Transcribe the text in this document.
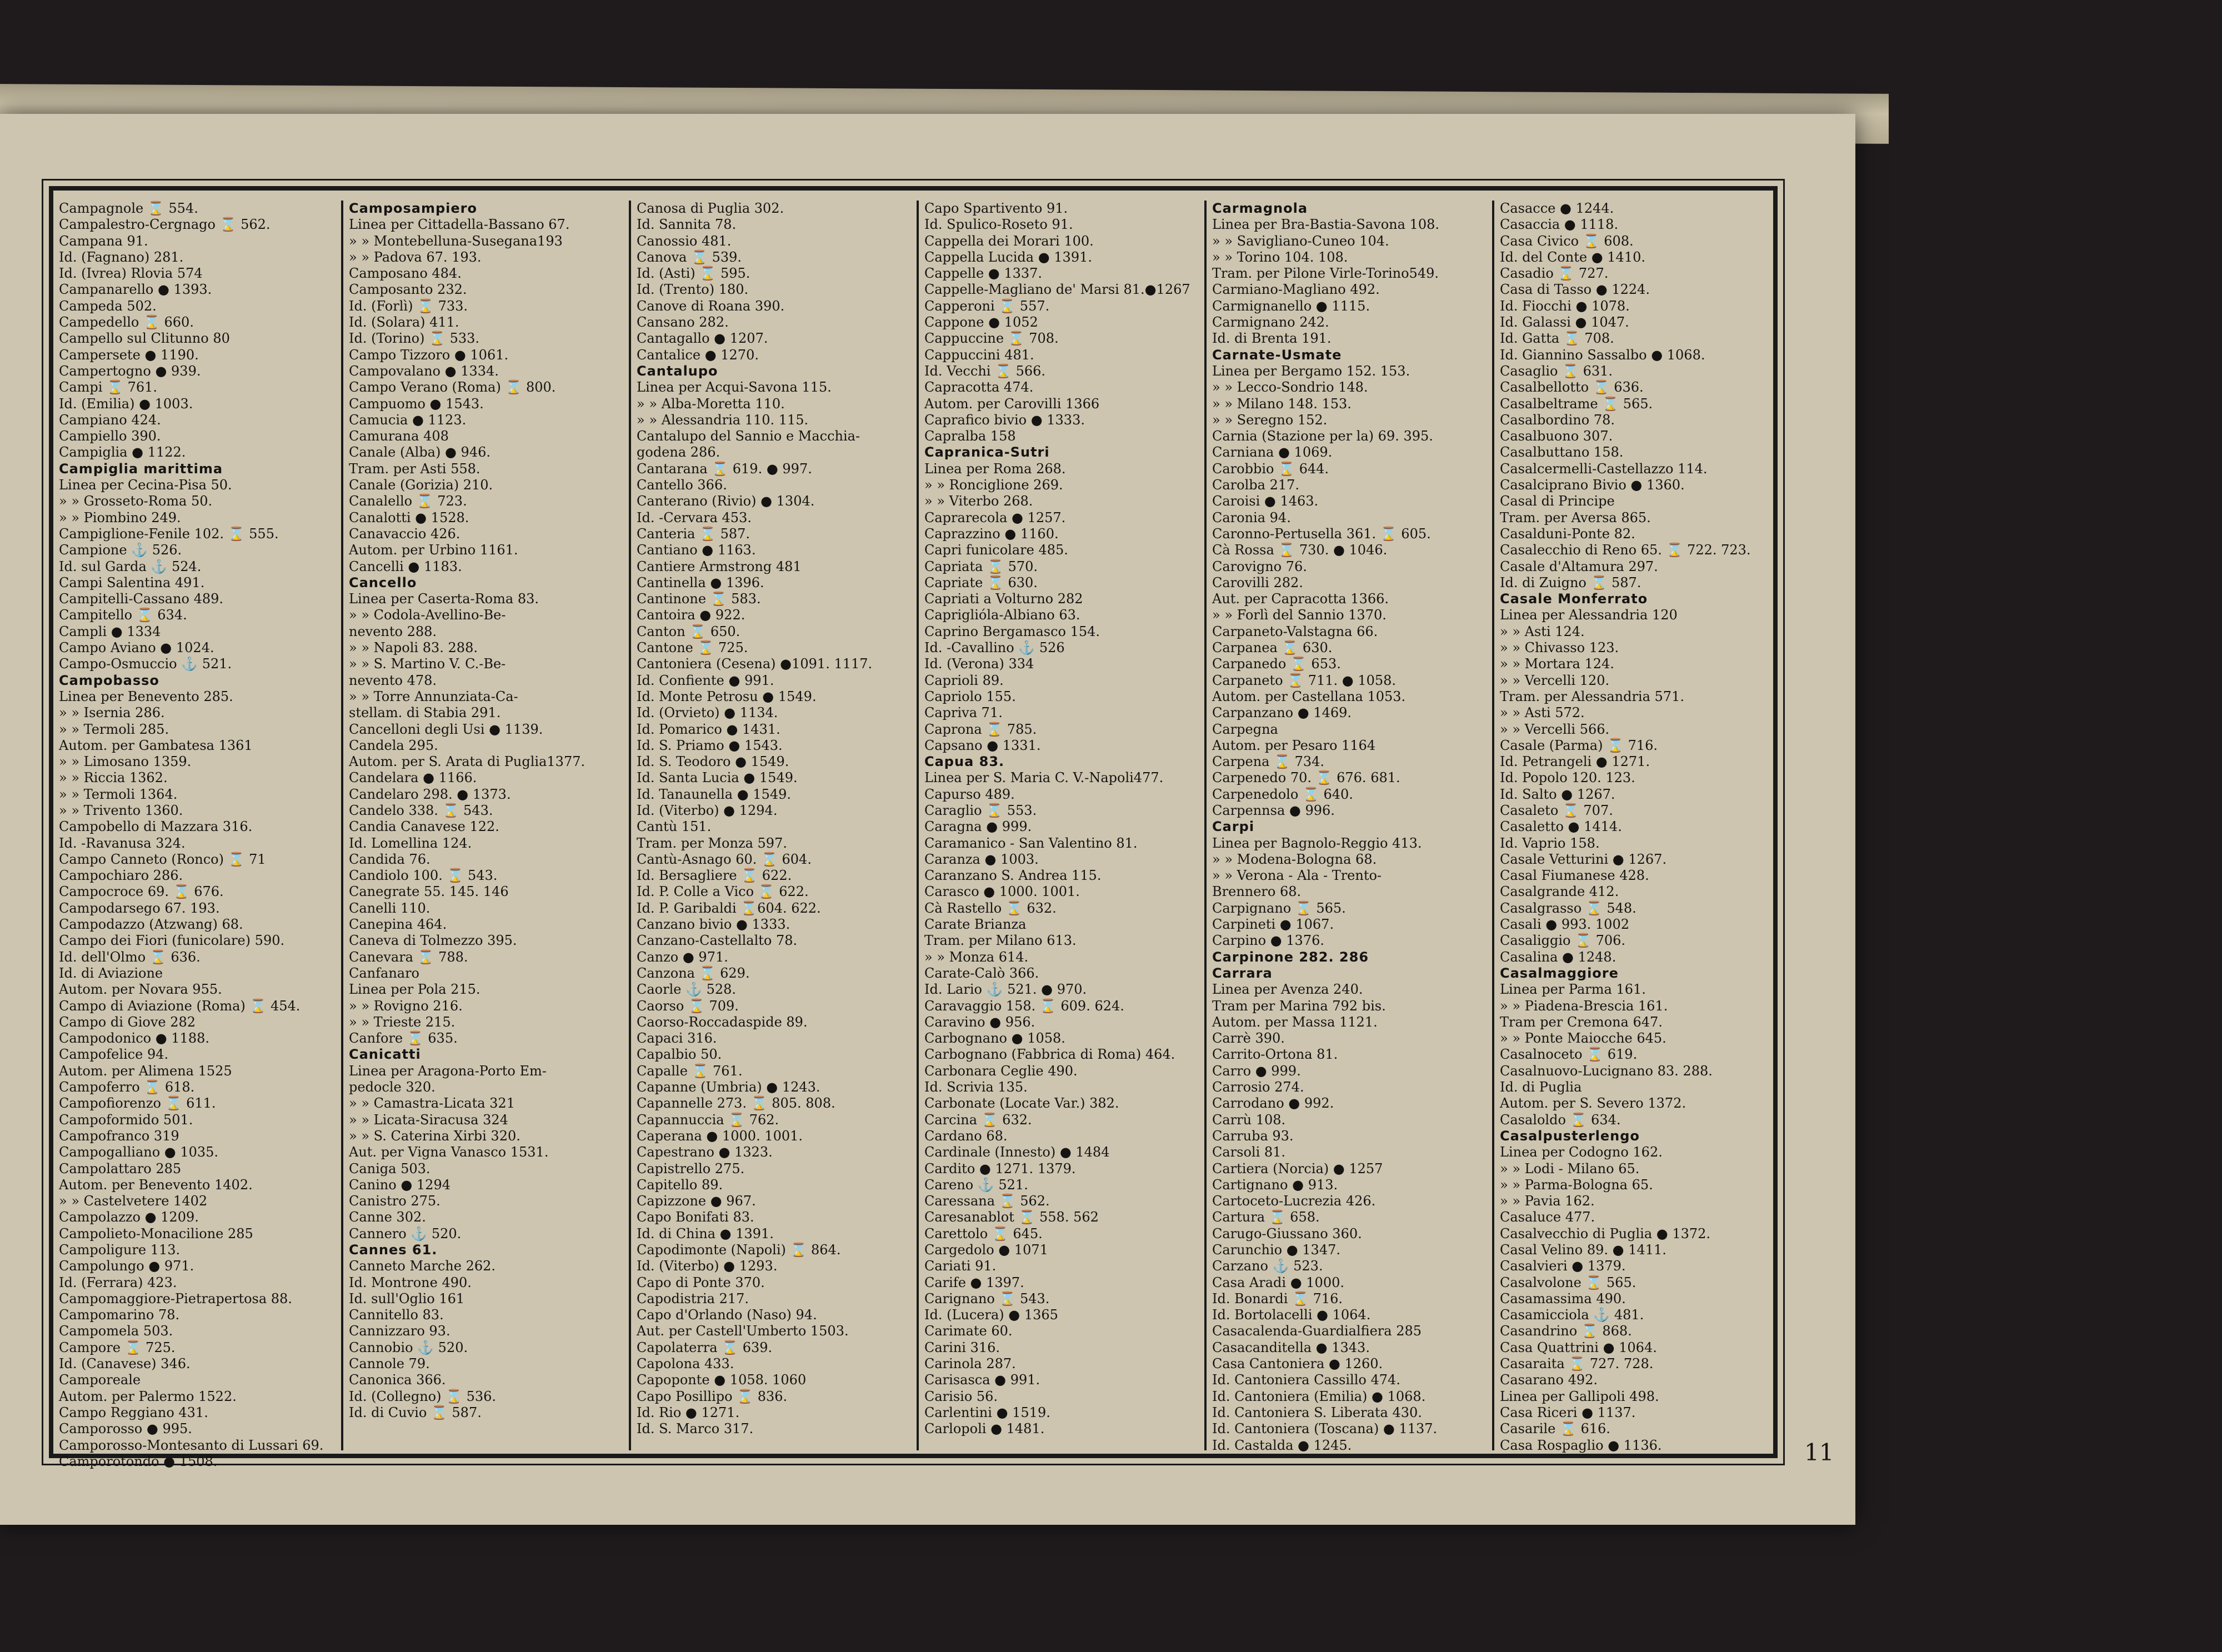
Campagnole ⌛ 554.
Campalestro-Cergnago ⌛ 562.
Campana 91.
Id. (Fagnano) 281.
Id. (Ivrea) Rlovia 574
Campanarello ● 1393.
Campeda 502.
Campedello ⌛ 660.
Campello sul Clitunno 80
Campersete ● 1190.
Campertogno ● 939.
Campi ⌛ 761.
Id. (Emilia) ● 1003.
Campiano 424.
Campiello 390.
Campiglia ● 1122.
Campiglia marittima
Linea per Cecina-Pisa 50.
» » Grosseto-Roma 50.
» » Piombino 249.
Campiglione-Fenile 102. ⌛ 555.
Campione ⚓ 526.
Id. sul Garda ⚓ 524.
Campi Salentina 491.
Campitelli-Cassano 489.
Campitello ⌛ 634.
Campli ● 1334
Campo Aviano ● 1024.
Campo-Osmuccio ⚓ 521.
Campobasso
Linea per Benevento 285.
» » Isernia 286.
» » Termoli 285.
Autom. per Gambatesa 1361
» » Limosano 1359.
» » Riccia 1362.
» » Termoli 1364.
» » Trivento 1360.
Campobello di Mazzara 316.
Id. -Ravanusa 324.
Campo Canneto (Ronco) ⌛ 71
Campochiaro 286.
Campocroce 69. ⌛ 676.
Campodarsego 67. 193.
Campodazzo (Atzwang) 68.
Campo dei Fiori (funicolare) 590.
Id. dell'Olmo ⌛ 636.
Id. di Aviazione
Autom. per Novara 955.
Campo di Aviazione (Roma) ⌛ 454.
Campo di Giove 282
Campodonico ● 1188.
Campofelice 94.
Autom. per Alimena 1525
Campoferro ⌛ 618.
Campofiorenzo ⌛ 611.
Campoformido 501.
Campofranco 319
Campogalliano ● 1035.
Campolattaro 285
Autom. per Benevento 1402.
» » Castelvetere 1402
Campolazzo ● 1209.
Campolieto-Monacilione 285
Campoligure 113.
Campolungo ● 971.
Id. (Ferrara) 423.
Campomaggiore-Pietrapertosa 88.
Campomarino 78.
Campomela 503.
Campore ⌛ 725.
Id. (Canavese) 346.
Camporeale
Autom. per Palermo 1522.
Campo Reggiano 431.
Camporosso ● 995.
Camporosso-Montesanto di Lussari 69.
Camporotondo ● 1508.
Camposampiero
Linea per Cittadella-Bassano 67.
» » Montebelluna-Susegana193
» » Padova 67. 193.
Camposano 484.
Camposanto 232.
Id. (Forlì) ⌛ 733.
Id. (Solara) 411.
Id. (Torino) ⌛ 533.
Campo Tizzoro ● 1061.
Campovalano ● 1334.
Campo Verano (Roma) ⌛ 800.
Campuomo ● 1543.
Camucia ● 1123.
Camurana 408
Canale (Alba) ● 946.
Tram. per Asti 558.
Canale (Gorizia) 210.
Canalello ⌛ 723.
Canalotti ● 1528.
Canavaccio 426.
Autom. per Urbino 1161.
Cancelli ● 1183.
Cancello
Linea per Caserta-Roma 83.
» » Codola-Avellino-Be-
nevento 288.
» » Napoli 83. 288.
» » S. Martino V. C.-Be-
nevento 478.
» » Torre Annunziata-Ca-
stellam. di Stabia 291.
Cancelloni degli Usi ● 1139.
Candela 295.
Autom. per S. Arata di Puglia1377.
Candelara ● 1166.
Candelaro 298. ● 1373.
Candelo 338. ⌛ 543.
Candia Canavese 122.
Id. Lomellina 124.
Candida 76.
Candiolo 100. ⌛ 543.
Canegrate 55. 145. 146
Canelli 110.
Canepina 464.
Caneva di Tolmezzo 395.
Canevara ⌛ 788.
Canfanaro
Linea per Pola 215.
» » Rovigno 216.
» » Trieste 215.
Canfore ⌛ 635.
Canicatti
Linea per Aragona-Porto Em-
pedocle 320.
» » Camastra-Licata 321
» » Licata-Siracusa 324
» » S. Caterina Xirbi 320.
Aut. per Vigna Vanasco 1531.
Caniga 503.
Canino ● 1294
Canistro 275.
Canne 302.
Cannero ⚓ 520.
Cannes 61.
Canneto Marche 262.
Id. Montrone 490.
Id. sull'Oglio 161
Cannitello 83.
Cannizzaro 93.
Cannobio ⚓ 520.
Cannole 79.
Canonica 366.
Id. (Collegno) ⌛ 536.
Id. di Cuvio ⌛ 587.
Canosa di Puglia 302.
Id. Sannita 78.
Canossio 481.
Canova ⌛ 539.
Id. (Asti) ⌛ 595.
Id. (Trento) 180.
Canove di Roana 390.
Cansano 282.
Cantagallo ● 1207.
Cantalice ● 1270.
Cantalupo
Linea per Acqui-Savona 115.
» » Alba-Moretta 110.
» » Alessandria 110. 115.
Cantalupo del Sannio e Macchia-
godena 286.
Cantarana ⌛ 619. ● 997.
Cantello 366.
Canterano (Rivio) ● 1304.
Id. -Cervara 453.
Canteria ⌛ 587.
Cantiano ● 1163.
Cantiere Armstrong 481
Cantinella ● 1396.
Cantinone ⌛ 583.
Cantoira ● 922.
Canton ⌛ 650.
Cantone ⌛ 725.
Cantoniera (Cesena) ●1091. 1117.
Id. Confiente ● 991.
Id. Monte Petrosu ● 1549.
Id. (Orvieto) ● 1134.
Id. Pomarico ● 1431.
Id. S. Priamo ● 1543.
Id. S. Teodoro ● 1549.
Id. Santa Lucia ● 1549.
Id. Tanaunella ● 1549.
Id. (Viterbo) ● 1294.
Cantù 151.
Tram. per Monza 597.
Cantù-Asnago 60. ⌛ 604.
Id. Bersagliere ⌛ 622.
Id. P. Colle a Vico ⌛ 622.
Id. P. Garibaldi ⌛604. 622.
Canzano bivio ● 1333.
Canzano-Castellalto 78.
Canzo ● 971.
Canzona ⌛ 629.
Caorle ⚓ 528.
Caorso ⌛ 709.
Caorso-Roccadaspide 89.
Capaci 316.
Capalbio 50.
Capalle ⌛ 761.
Capanne (Umbria) ● 1243.
Capannelle 273. ⌛ 805. 808.
Capannuccia ⌛ 762.
Caperana ● 1000. 1001.
Capestrano ● 1323.
Capistrello 275.
Capitello 89.
Capizzone ● 967.
Capo Bonifati 83.
Id. di China ● 1391.
Capodimonte (Napoli) ⌛ 864.
Id. (Viterbo) ● 1293.
Capo di Ponte 370.
Capodistria 217.
Capo d'Orlando (Naso) 94.
Aut. per Castell'Umberto 1503.
Capolaterra ⌛ 639.
Capolona 433.
Capoponte ● 1058. 1060
Capo Posillipo ⌛ 836.
Id. Rio ● 1271.
Id. S. Marco 317.
Capo Spartivento 91.
Id. Spulico-Roseto 91.
Cappella dei Morari 100.
Cappella Lucida ● 1391.
Cappelle ● 1337.
Cappelle-Magliano de' Marsi 81.●1267
Capperoni ⌛ 557.
Cappone ● 1052
Cappuccine ⌛ 708.
Cappuccini 481.
Id. Vecchi ⌛ 566.
Capracotta 474.
Autom. per Carovilli 1366
Caprafico bivio ● 1333.
Capralba 158
Capranica-Sutri
Linea per Roma 268.
» » Ronciglione 269.
» » Viterbo 268.
Caprarecola ● 1257.
Caprazzino ● 1160.
Capri funicolare 485.
Capriata ⌛ 570.
Capriate ⌛ 630.
Capriati a Volturno 282
Capriglióla-Albiano 63.
Caprino Bergamasco 154.
Id. -Cavallino ⚓ 526
Id. (Verona) 334
Caprioli 89.
Capriolo 155.
Capriva 71.
Caprona ⌛ 785.
Capsano ● 1331.
Capua 83.
Linea per S. Maria C. V.-Napoli477.
Capurso 489.
Caraglio ⌛ 553.
Caragna ● 999.
Caramanico - San Valentino 81.
Caranza ● 1003.
Caranzano S. Andrea 115.
Carasco ● 1000. 1001.
Cà Rastello ⌛ 632.
Carate Brianza
Tram. per Milano 613.
» » Monza 614.
Carate-Calò 366.
Id. Lario ⚓ 521. ● 970.
Caravaggio 158. ⌛ 609. 624.
Caravino ● 956.
Carbognano ● 1058.
Carbognano (Fabbrica di Roma) 464.
Carbonara Ceglie 490.
Id. Scrivia 135.
Carbonate (Locate Var.) 382.
Carcina ⌛ 632.
Cardano 68.
Cardinale (Innesto) ● 1484
Cardito ● 1271. 1379.
Careno ⚓ 521.
Caressana ⌛ 562.
Caresanablot ⌛ 558. 562
Carettolo ⌛ 645.
Cargedolo ● 1071
Cariati 91.
Carife ● 1397.
Carignano ⌛ 543.
Id. (Lucera) ● 1365
Carimate 60.
Carini 316.
Carinola 287.
Carisasca ● 991.
Carisio 56.
Carlentini ● 1519.
Carlopoli ● 1481.
Carmagnola
Linea per Bra-Bastia-Savona 108.
» » Savigliano-Cuneo 104.
» » Torino 104. 108.
Tram. per Pilone Virle-Torino549.
Carmiano-Magliano 492.
Carmignanello ● 1115.
Carmignano 242.
Id. di Brenta 191.
Carnate-Usmate
Linea per Bergamo 152. 153.
» » Lecco-Sondrio 148.
» » Milano 148. 153.
» » Seregno 152.
Carnia (Stazione per la) 69. 395.
Carniana ● 1069.
Carobbio ⌛ 644.
Carolba 217.
Caroisi ● 1463.
Caronia 94.
Caronno-Pertusella 361. ⌛ 605.
Cà Rossa ⌛ 730. ● 1046.
Carovigno 76.
Carovilli 282.
Aut. per Capracotta 1366.
» » Forlì del Sannio 1370.
Carpaneto-Valstagna 66.
Carpanea ⌛ 630.
Carpanedo ⌛ 653.
Carpaneto ⌛ 711. ● 1058.
Autom. per Castellana 1053.
Carpanzano ● 1469.
Carpegna
Autom. per Pesaro 1164
Carpena ⌛ 734.
Carpenedo 70. ⌛ 676. 681.
Carpenedolo ⌛ 640.
Carpennsa ● 996.
Carpi
Linea per Bagnolo-Reggio 413.
» » Modena-Bologna 68.
» » Verona - Ala - Trento-
Brennero 68.
Carpignano ⌛ 565.
Carpineti ● 1067.
Carpino ● 1376.
Carpinone 282. 286
Carrara
Linea per Avenza 240.
Tram per Marina 792 bis.
Autom. per Massa 1121.
Carrè 390.
Carrito-Ortona 81.
Carro ● 999.
Carrosio 274.
Carrodano ● 992.
Carrù 108.
Carruba 93.
Carsoli 81.
Cartiera (Norcia) ● 1257
Cartignano ● 913.
Cartoceto-Lucrezia 426.
Cartura ⌛ 658.
Carugo-Giussano 360.
Carunchio ● 1347.
Carzano ⚓ 523.
Casa Aradi ● 1000.
Id. Bonardi ⌛ 716.
Id. Bortolacelli ● 1064.
Casacalenda-Guardialfiera 285
Casacanditella ● 1343.
Casa Cantoniera ● 1260.
Id. Cantoniera Cassillo 474.
Id. Cantoniera (Emilia) ● 1068.
Id. Cantoniera S. Liberata 430.
Id. Cantoniera (Toscana) ● 1137.
Id. Castalda ● 1245.
Casacce ● 1244.
Casaccia ● 1118.
Casa Civico ⌛ 608.
Id. del Conte ● 1410.
Casadio ⌛ 727.
Casa di Tasso ● 1224.
Id. Fiocchi ● 1078.
Id. Galassi ● 1047.
Id. Gatta ⌛ 708.
Id. Giannino Sassalbo ● 1068.
Casaglio ⌛ 631.
Casalbellotto ⌛ 636.
Casalbeltrame ⌛ 565.
Casalbordino 78.
Casalbuono 307.
Casalbuttano 158.
Casalcermelli-Castellazzo 114.
Casalciprano Bivio ● 1360.
Casal di Principe
Tram. per Aversa 865.
Casalduni-Ponte 82.
Casalecchio di Reno 65. ⌛ 722. 723.
Casale d'Altamura 297.
Id. di Zuigno ⌛ 587.
Casale Monferrato
Linea per Alessandria 120
» » Asti 124.
» » Chivasso 123.
» » Mortara 124.
» » Vercelli 120.
Tram. per Alessandria 571.
» » Asti 572.
» » Vercelli 566.
Casale (Parma) ⌛ 716.
Id. Petrangeli ● 1271.
Id. Popolo 120. 123.
Id. Salto ● 1267.
Casaleto ⌛ 707.
Casaletto ● 1414.
Id. Vaprio 158.
Casale Vetturini ● 1267.
Casal Fiumanese 428.
Casalgrande 412.
Casalgrasso ⌛ 548.
Casali ● 993. 1002
Casaliggio ⌛ 706.
Casalina ● 1248.
Casalmaggiore
Linea per Parma 161.
» » Piadena-Brescia 161.
Tram per Cremona 647.
» » Ponte Maiocche 645.
Casalnoceto ⌛ 619.
Casalnuovo-Lucignano 83. 288.
Id. di Puglia
Autom. per S. Severo 1372.
Casaloldo ⌛ 634.
Casalpusterlengo
Linea per Codogno 162.
» » Lodi - Milano 65.
» » Parma-Bologna 65.
» » Pavia 162.
Casaluce 477.
Casalvecchio di Puglia ● 1372.
Casal Velino 89. ● 1411.
Casalvieri ● 1379.
Casalvolone ⌛ 565.
Casamassima 490.
Casamicciola ⚓ 481.
Casandrino ⌛ 868.
Casa Quattrini ● 1064.
Casaraita ⌛ 727. 728.
Casarano 492.
Linea per Gallipoli 498.
Casa Riceri ● 1137.
Casarile ⌛ 616.
Casa Rospaglio ● 1136.	11
